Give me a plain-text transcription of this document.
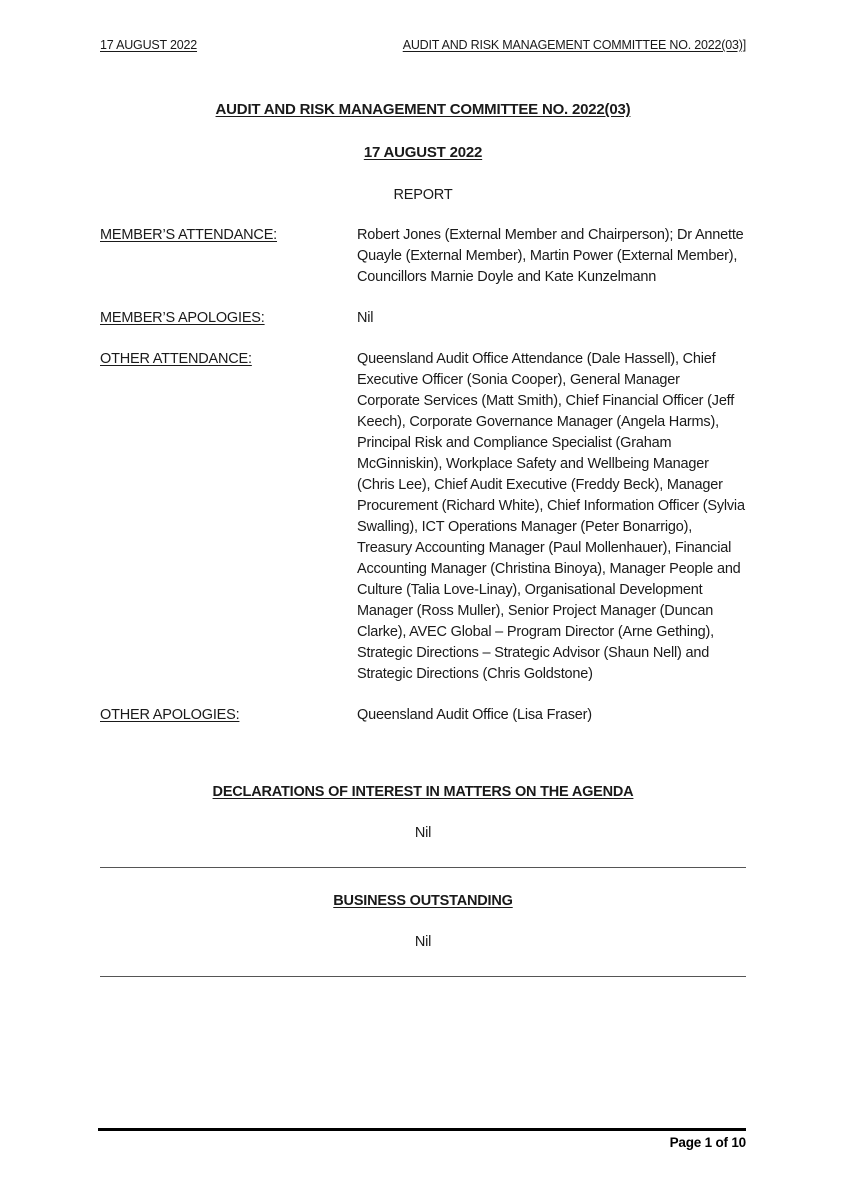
17 AUGUST 2022	AUDIT AND RISK MANAGEMENT COMMITTEE NO. 2022(03)]
AUDIT AND RISK MANAGEMENT COMMITTEE NO. 2022(03)
17 AUGUST 2022
REPORT
MEMBER’S ATTENDANCE:	Robert Jones (External Member and Chairperson); Dr Annette Quayle (External Member), Martin Power (External Member), Councillors Marnie Doyle and Kate Kunzelmann
MEMBER’S APOLOGIES:	Nil
OTHER ATTENDANCE:	Queensland Audit Office Attendance (Dale Hassell), Chief Executive Officer (Sonia Cooper), General Manager Corporate Services (Matt Smith), Chief Financial Officer (Jeff Keech), Corporate Governance Manager (Angela Harms), Principal Risk and Compliance Specialist (Graham McGinniskin), Workplace Safety and Wellbeing Manager (Chris Lee), Chief Audit Executive (Freddy Beck), Manager Procurement (Richard White), Chief Information Officer (Sylvia Swalling), ICT Operations Manager (Peter Bonarrigo), Treasury Accounting Manager (Paul Mollenhauer), Financial Accounting Manager (Christina Binoya), Manager People and Culture (Talia Love-Linay), Organisational Development Manager (Ross Muller), Senior Project Manager (Duncan Clarke), AVEC Global – Program Director (Arne Gething), Strategic Directions – Strategic Advisor (Shaun Nell) and Strategic Directions (Chris Goldstone)
OTHER APOLOGIES:	Queensland Audit Office (Lisa Fraser)
DECLARATIONS OF INTEREST IN MATTERS ON THE AGENDA
Nil
BUSINESS OUTSTANDING
Nil
Page 1 of 10
